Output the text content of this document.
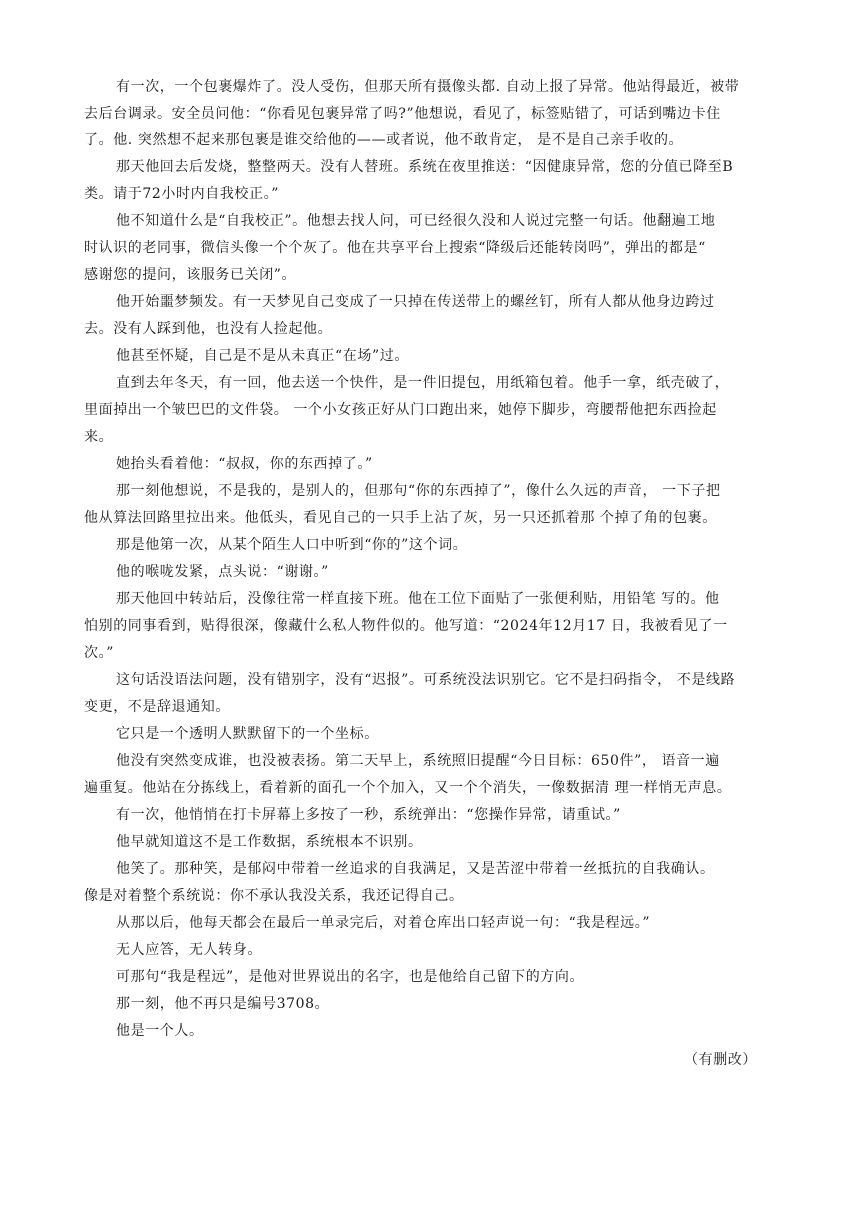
有一次，一个包裹爆炸了。没人受伤，但那天所有摄像头都. 自动上报了异常。他站得最近，被带
去后台调录。安全员问他：“你看见包裹异常了吗?”他想说，看见了，标签贴错了，可话到嘴边卡住
了。他. 突然想不起来那包裹是谁交给他的——或者说，他不敢肯定， 是不是自己亲手收的。
那天他回去后发烧，整整两天。没有人替班。系统在夜里推送：“因健康异常，您的分值已降至B
类。请于72小时内自我校正。”
他不知道什么是“自我校正”。他想去找人问，可已经很久没和人说过完整一句话。他翻遍工地
时认识的老同事，微信头像一个个灰了。他在共享平台上搜索“降级后还能转岗吗”，弹出的都是“
感谢您的提问，该服务已关闭”。
他开始噩梦频发。有一天梦见自己变成了一只掉在传送带上的螺丝钉，所有人都从他身边跨过
去。没有人踩到他，也没有人捡起他。
他甚至怀疑，自己是不是从未真正“在场”过。
直到去年冬天，有一回，他去送一个快件，是一件旧提包，用纸箱包着。他手一拿，纸壳破了，
里面掉出一个皱巴巴的文件袋。 一个小女孩正好从门口跑出来，她停下脚步，弯腰帮他把东西捡起
来。
她抬头看着他：“叔叔，你的东西掉了。”
那一刻他想说，不是我的，是别人的，但那句“你的东西掉了”，像什么久远的声音， 一下子把
他从算法回路里拉出来。他低头，看见自己的一只手上沾了灰，另一只还抓着那 个掉了角的包裹。
那是他第一次，从某个陌生人口中听到“你的”这个词。
他的喉咙发紧，点头说：“谢谢。”
那天他回中转站后，没像往常一样直接下班。他在工位下面贴了一张便利贴，用铅笔 写的。他
怕别的同事看到，贴得很深，像藏什么私人物件似的。他写道：“2024年12月17 日，我被看见了一
次。”
这句话没语法问题，没有错别字，没有“迟报”。可系统没法识别它。它不是扫码指令， 不是线路
变更，不是辞退通知。
它只是一个透明人默默留下的一个坐标。
他没有突然变成谁，也没被表扬。第二天早上，系统照旧提醒“今日目标：650件”， 语音一遍
遍重复。他站在分拣线上，看着新的面孔一个个加入，又一个个消失，一像数据清 理一样悄无声息。
有一次，他悄悄在打卡屏幕上多按了一秒，系统弹出：“您操作异常，请重试。”
他早就知道这不是工作数据，系统根本不识别。
他笑了。那种笑，是郁闷中带着一丝追求的自我满足，又是苦涩中带着一丝抵抗的自我确认。
像是对着整个系统说：你不承认我没关系，我还记得自己。
从那以后，他每天都会在最后一单录完后，对着仓库出口轻声说一句：“我是程远。”
无人应答，无人转身。
可那句“我是程远”，是他对世界说出的名字，也是他给自己留下的方向。
那一刻，他不再只是编号3708。
他是一个人。
（有删改）
